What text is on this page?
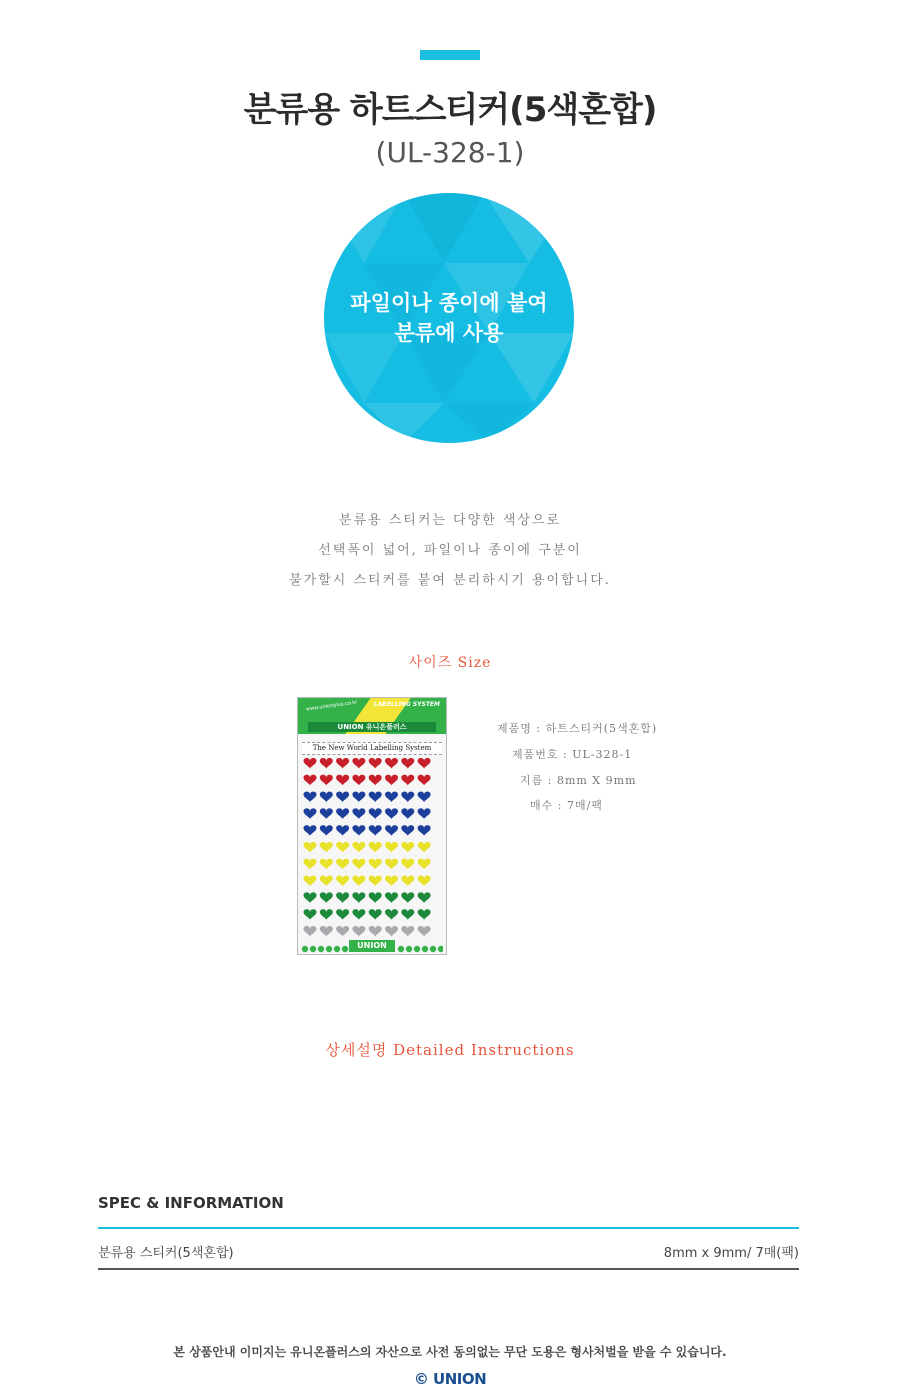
분류용 하트스티커(5색혼합)
(UL-328-1)
파일이나 종이에 붙여
분류에 사용
분류용 스티커는 다양한 색상으로
선택폭이 넓어, 파일이나 종이에 구분이
불가할시 스티커를 붙여 분리하시기 용이합니다.
사이즈 Size
www.unionplus.co.kr	LABELLING SYSTEM
UNION 유니온플러스
The New World Labelling System
UNION
제품명 : 하트스티커(5색혼합)
제품번호 : UL-328-1
지름 : 8mm X 9mm
매수 : 7매/팩
상세설명 Detailed Instructions
SPEC & INFORMATION
분류용 스티커(5색혼합)	8mm x 9mm/ 7매(팩)
본 상품안내 이미지는 유니온플러스의 자산으로 사전 동의없는 무단 도용은 형사처벌을 받을 수 있습니다.
© UNION
